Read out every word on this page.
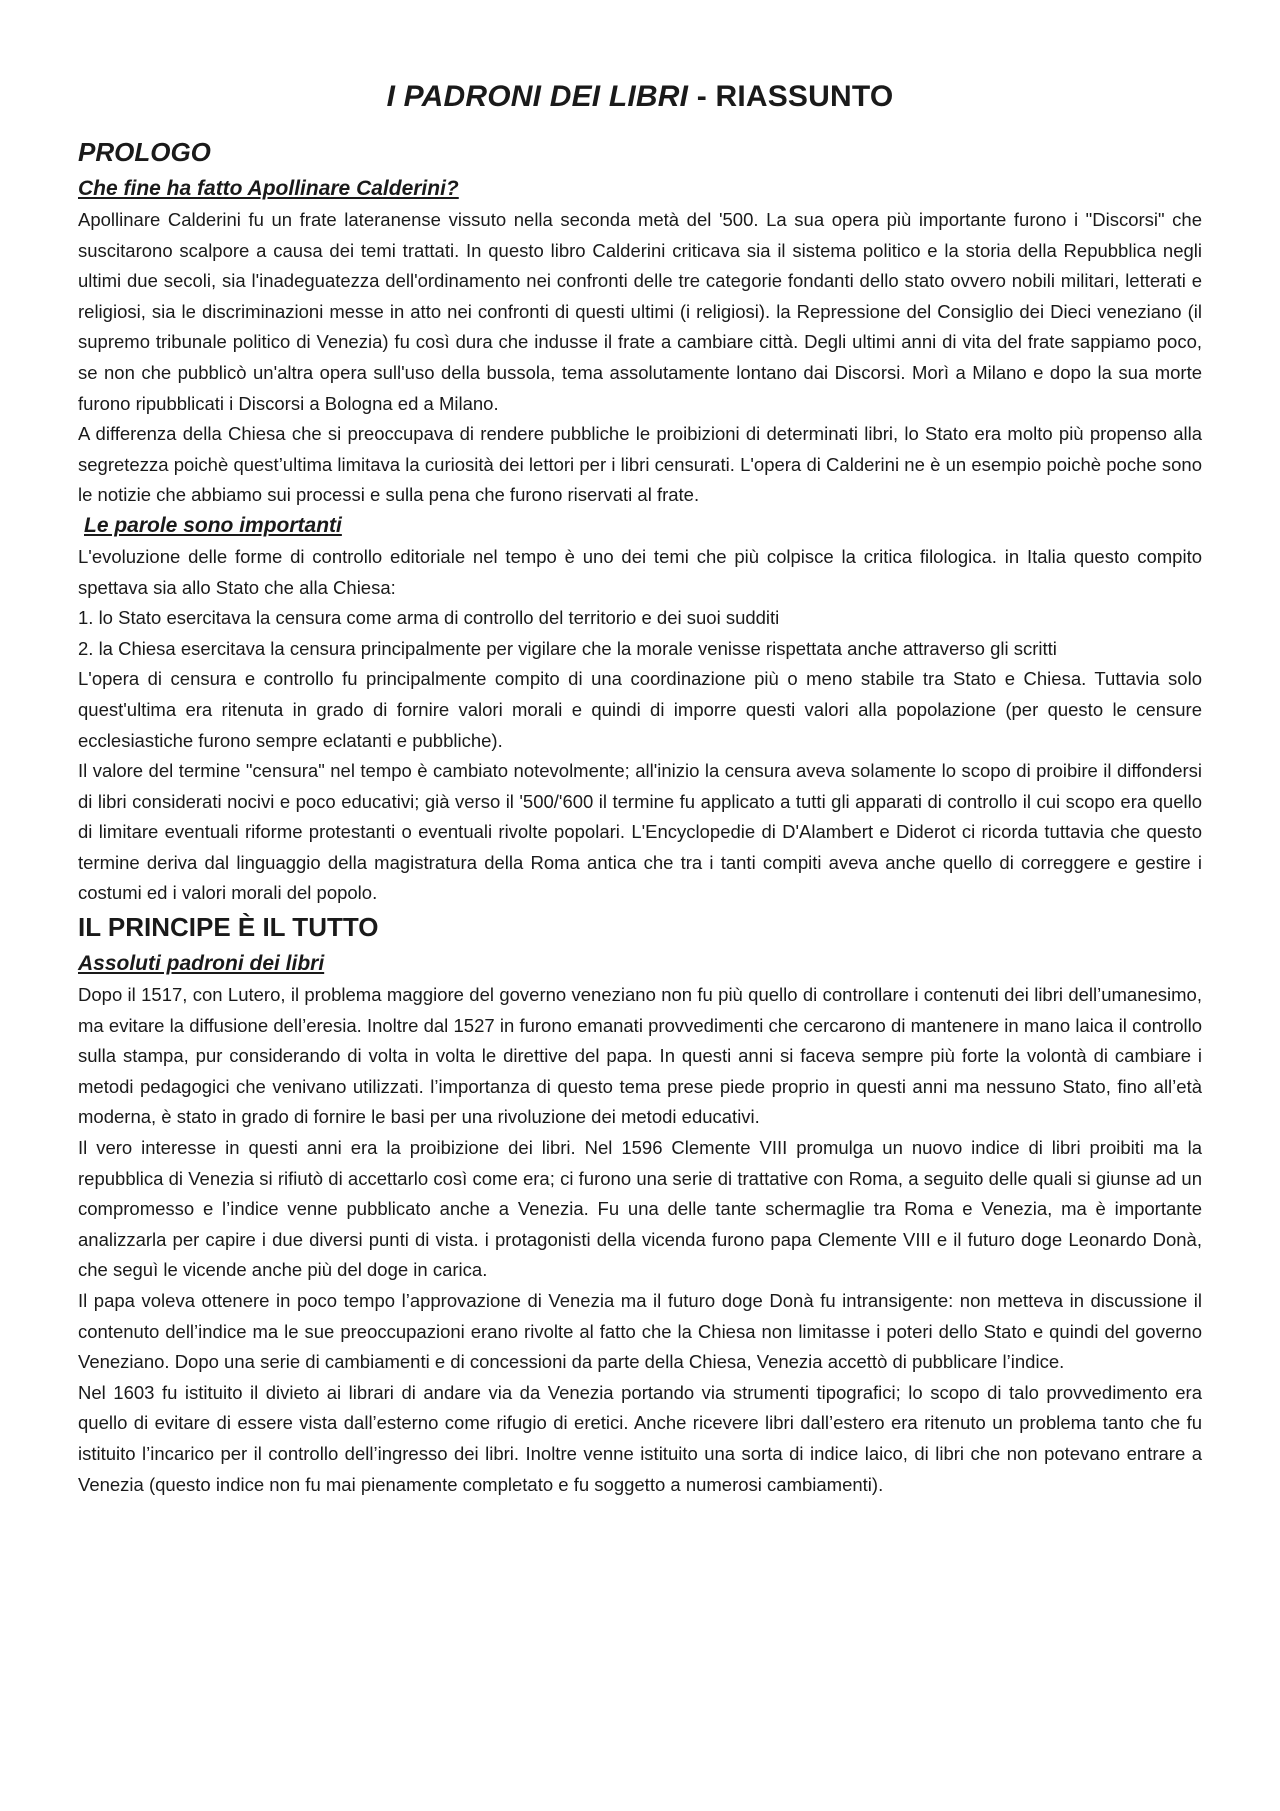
I PADRONI DEI LIBRI - RIASSUNTO
PROLOGO
Che fine ha fatto Apollinare Calderini?

Apollinare Calderini fu un frate lateranense vissuto nella seconda metà del '500. La sua opera più importante furono i "Discorsi" che suscitarono scalpore a causa dei temi trattati. In questo libro Calderini criticava sia il sistema politico e la storia della Repubblica negli ultimi due secoli, sia l'inadeguatezza dell'ordinamento nei confronti delle tre categorie fondanti dello stato ovvero nobili militari, letterati e religiosi, sia le discriminazioni messe in atto nei confronti di questi ultimi (i religiosi). la Repressione del Consiglio dei Dieci veneziano (il supremo tribunale politico di Venezia) fu così dura che indusse il frate a cambiare città. Degli ultimi anni di vita del frate sappiamo poco, se non che pubblicò un'altra opera sull'uso della bussola, tema assolutamente lontano dai Discorsi. Morì a Milano e dopo la sua morte furono ripubblicati i Discorsi a Bologna ed a Milano.

A differenza della Chiesa che si preoccupava di rendere pubbliche le proibizioni di determinati libri, lo Stato era molto più propenso alla segretezza poichè quest’ultima limitava la curiosità dei lettori per i libri censurati. L'opera di Calderini ne è un esempio poichè poche sono le notizie che abbiamo sui processi e sulla pena che furono riservati al frate.

Le parole sono importanti

L'evoluzione delle forme di controllo editoriale nel tempo è uno dei temi che più colpisce la critica filologica. in Italia questo compito spettava sia allo Stato che alla Chiesa:

1. lo Stato esercitava la censura come arma di controllo del territorio e dei suoi sudditi

2. la Chiesa esercitava la censura principalmente per vigilare che la morale venisse rispettata anche attraverso gli scritti

L'opera di censura e controllo fu principalmente compito di una coordinazione più o meno stabile tra Stato e Chiesa. Tuttavia solo quest'ultima era ritenuta in grado di fornire valori morali e quindi di imporre questi valori alla popolazione (per questo le censure ecclesiastiche furono sempre eclatanti e pubbliche).

Il valore del termine "censura" nel tempo è cambiato notevolmente; all'inizio la censura aveva solamente lo scopo di proibire il diffondersi di libri considerati nocivi e poco educativi; già verso il '500/'600 il termine fu applicato a tutti gli apparati di controllo il cui scopo era quello di limitare eventuali riforme protestanti o eventuali rivolte popolari. L'Encyclopedie di D'Alambert e Diderot ci ricorda tuttavia che questo termine deriva dal linguaggio della magistratura della Roma antica che tra i tanti compiti aveva anche quello di correggere e gestire i costumi ed i valori morali del popolo.

IL PRINCIPE È IL TUTTO
Assoluti padroni dei libri

Dopo il 1517, con Lutero, il problema maggiore del governo veneziano non fu più quello di controllare i contenuti dei libri dell’umanesimo, ma evitare la diffusione dell’eresia. Inoltre dal 1527 in furono emanati provvedimenti che cercarono di mantenere in mano laica il controllo sulla stampa, pur considerando di volta in volta le direttive del papa. In questi anni si faceva sempre più forte la volontà di cambiare i metodi pedagogici che venivano utilizzati. l’importanza di questo tema prese piede proprio in questi anni ma nessuno Stato, fino all’età moderna, è stato in grado di fornire le basi per una rivoluzione dei metodi educativi.

Il vero interesse in questi anni era la proibizione dei libri. Nel 1596 Clemente VIII promulga un nuovo indice di libri proibiti ma la repubblica di Venezia si rifiutò di accettarlo così come era; ci furono una serie di trattative con Roma, a seguito delle quali si giunse ad un compromesso e l’indice venne pubblicato anche a Venezia. Fu una delle tante schermaglie tra Roma e Venezia, ma è importante analizzarla per capire i due diversi punti di vista. i protagonisti della vicenda furono papa Clemente VIII e il futuro doge Leonardo Donà, che seguì le vicende anche più del doge in carica.

Il papa voleva ottenere in poco tempo l’approvazione di Venezia ma il futuro doge Donà fu intransigente: non metteva in discussione il contenuto dell’indice ma le sue preoccupazioni erano rivolte al fatto che la Chiesa non limitasse i poteri dello Stato e quindi del governo Veneziano. Dopo una serie di cambiamenti e di concessioni da parte della Chiesa, Venezia accettò di pubblicare l’indice.

Nel 1603 fu istituito il divieto ai librari di andare via da Venezia portando via strumenti tipografici; lo scopo di talo provvedimento era quello di evitare di essere vista dall’esterno come rifugio di eretici. Anche ricevere libri dall’estero era ritenuto un problema tanto che fu istituito l’incarico per il controllo dell’ingresso dei libri. Inoltre venne istituito una sorta di indice laico, di libri che non potevano entrare a Venezia (questo indice non fu mai pienamente completato e fu soggetto a numerosi cambiamenti).
